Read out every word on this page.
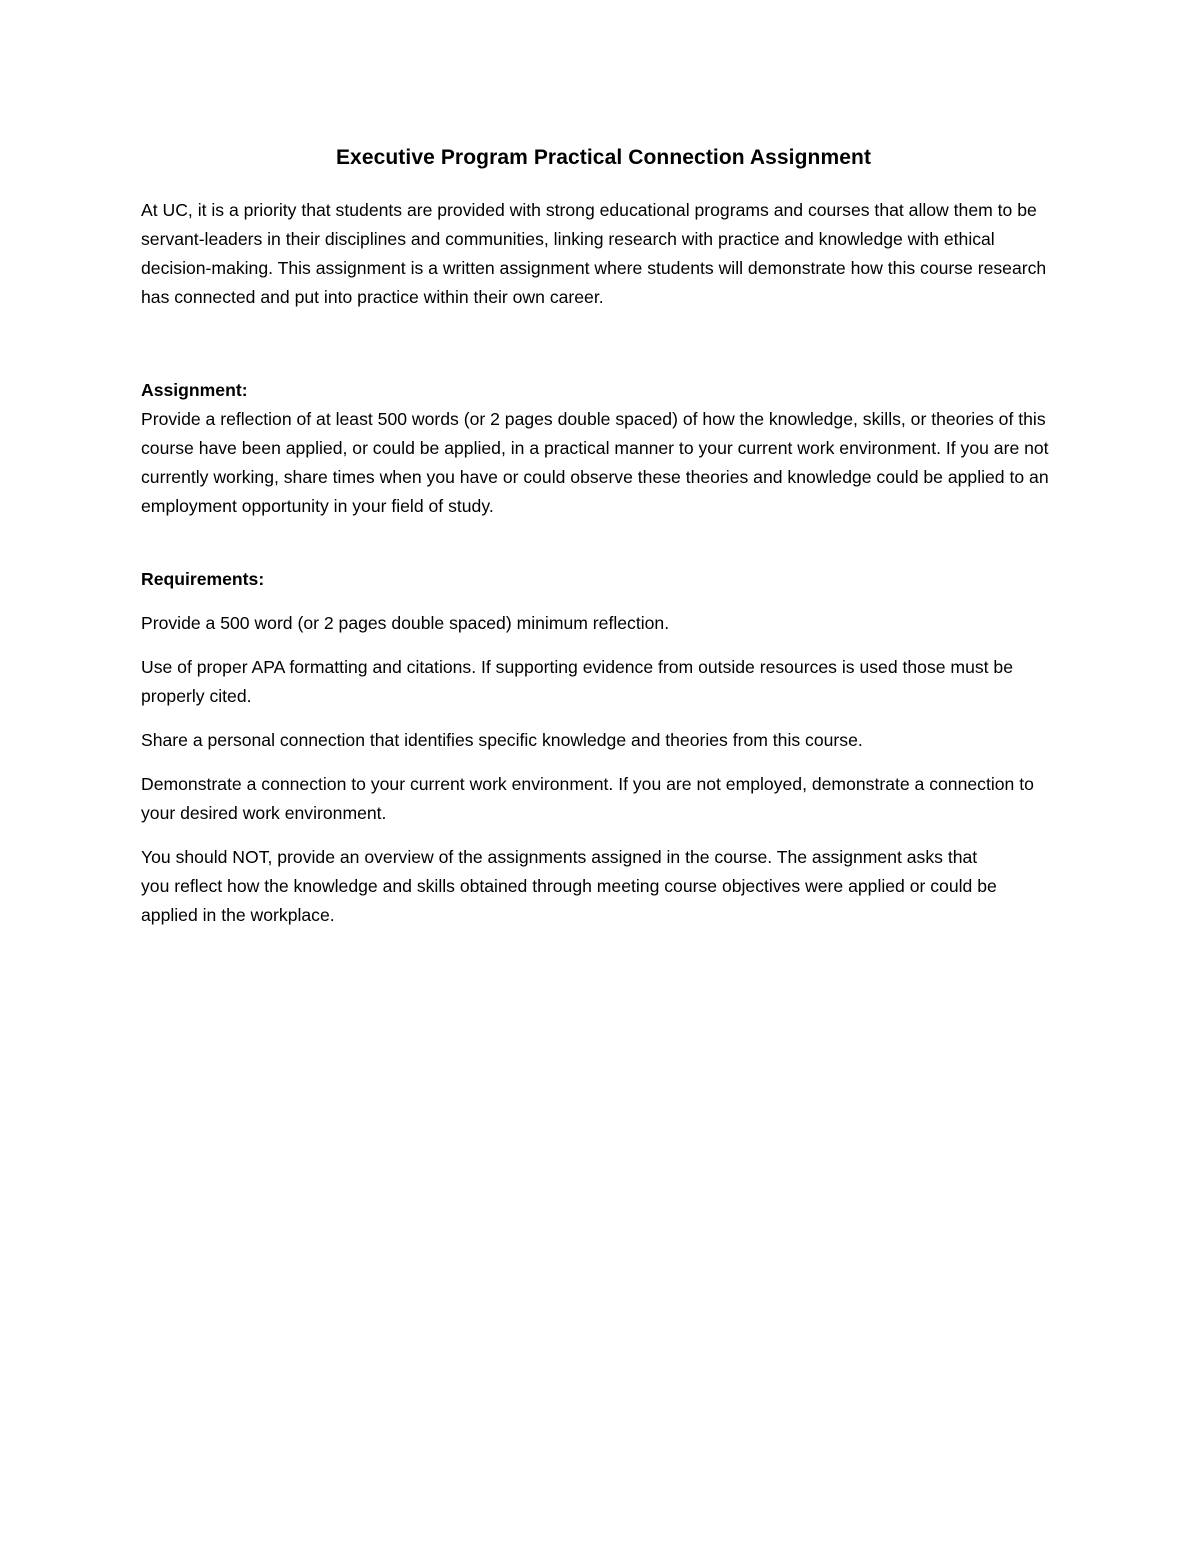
Executive Program Practical Connection Assignment

At UC, it is a priority that students are provided with strong educational programs and courses that allow them to be servant-leaders in their disciplines and communities, linking research with practice and knowledge with ethical decision-making. This assignment is a written assignment where students will demonstrate how this course research has connected and put into practice within their own career.

Assignment:

Provide a reflection of at least 500 words (or 2 pages double spaced) of how the knowledge, skills, or theories of this course have been applied, or could be applied, in a practical manner to your current work environment. If you are not currently working, share times when you have or could observe these theories and knowledge could be applied to an employment opportunity in your field of study.

Requirements:

Provide a 500 word (or 2 pages double spaced) minimum reflection.

Use of proper APA formatting and citations. If supporting evidence from outside resources is used those must be properly cited.

Share a personal connection that identifies specific knowledge and theories from this course.

Demonstrate a connection to your current work environment. If you are not employed, demonstrate a connection to your desired work environment.

You should NOT, provide an overview of the assignments assigned in the course. The assignment asks that you reflect how the knowledge and skills obtained through meeting course objectives were applied or could be applied in the workplace.
